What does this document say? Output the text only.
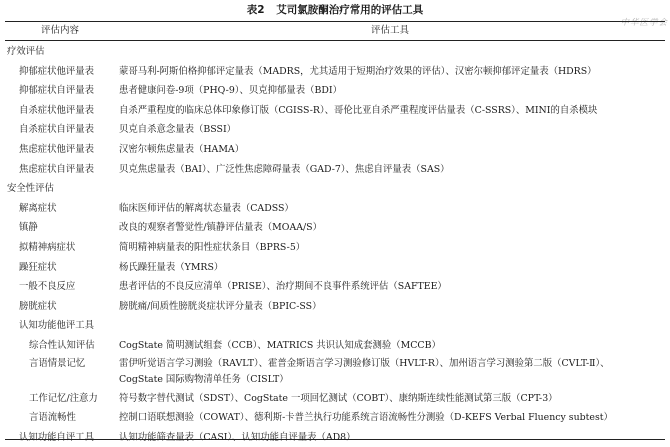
表2 艾司氯胺酮治疗常用的评估工具
中华医学会
评估内容	评估工具
疗效评估
抑郁症状他评量表	蒙哥马利-阿斯伯格抑郁评定量表（MADRS，尤其适用于短期治疗效果的评估）、汉密尔顿抑郁评定量表（HDRS）
抑郁症状自评量表	患者健康问卷-9项（PHQ-9）、贝克抑郁量表（BDI）
自杀症状他评量表	自杀严重程度的临床总体印象修订版（CGISS-R）、哥伦比亚自杀严重程度评估量表（C-SSRS）、MINI的自杀模块
自杀症状自评量表	贝克自杀意念量表（BSSI）
焦虑症状他评量表	汉密尔顿焦虑量表（HAMA）
焦虑症状自评量表	贝克焦虑量表（BAI）、广泛性焦虑障碍量表（GAD-7）、焦虑自评量表（SAS）
安全性评估
解离症状	临床医师评估的解离状态量表（CADSS）
镇静	改良的观察者警觉性/镇静评估量表（MOAA/S）
拟精神病症状	简明精神病量表的阳性症状条目（BPRS-5）
躁狂症状	杨氏躁狂量表（YMRS）
一般不良反应	患者评估的不良反应清单（PRISE）、治疗期间不良事件系统评估（SAFTEE）
膀胱症状	膀胱痛/间质性膀胱炎症状评分量表（BPIC-SS）
认知功能他评工具
综合性认知评估	CogState 简明测试组套（CCB）、MATRICS 共识认知成套测验（MCCB）
言语情景记忆	雷伊听觉语言学习测验（RAVLT）、霍普金斯语言学习测验修订版（HVLT-R）、加州语言学习测验第二版（CVLT-Ⅱ）、
CogState 国际购物清单任务（CISLT）
工作记忆/注意力 符号数字替代测试（SDST）、CogState 一项回忆测试（COBT）、康纳斯连续性能测试第三版（CPT-3）
言语流畅性	控制口语联想测验（COWAT）、德利斯-卡普兰执行功能系统言语流畅性分测验（D-KEFS Verbal Fluency subtest）
认知功能自评工具	认知功能筛查量表（CASI）、认知功能自评量表（AD8）
